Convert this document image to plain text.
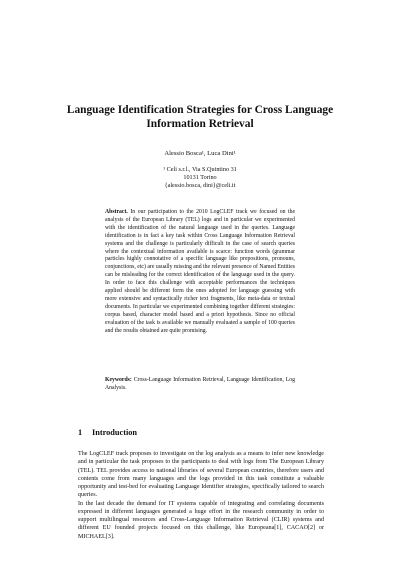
Language Identification Strategies for Cross Language
Information Retrieval
Alessio Bosca¹, Luca Dini¹
¹ Celi s.r.l., Via S.Quintino 31
10131 Torino
{alessio.bosca, dini}@celi.it
Abstract. In our participation to the 2010 LogCLEF track we focused on the analysis of the European Library (TEL) logs and in particular we experimented with the identification of the natural language used in the queries. Language identification is in fact a key task within Cross Language Information Retrieval systems and the challenge is particularly difficult in the case of search queries where the contextual information available is scarce: function words (grammar particles highly connotative of a specific language like prepositions, pronouns, conjunctions, etc) are usually missing and the relevant presence of Named Entities can be misleading for the correct identification of the language used in the query. In order to face this challenge with acceptable performances the techniques applied should be different form the ones adopted for language guessing with more extensive and syntactically richer text fragments, like meta-data or textual documents. In particular we experimented combining together different strategies: corpus based, character model based and a priori hypothesis. Since no official evaluation of the task is available we manually evaluated a sample of 100 queries and the results obtained are quite promising.
Keywords: Cross-Language Information Retrieval, Language Identification, Log Analysis.
1 Introduction

The LogCLEF track proposes to investigate on the log analysis as a means to infer new knowledge and in particular the task proposes to the participants to deal with logs from The European Library (TEL). TEL provides access to national libraries of several European countries, therefore users and contents come from many languages and the logs provided in this task constitute a valuable opportunity and test-bed for evaluating Language Identifier strategies, specifically tailored to search queries.

In the last decade the demand for IT systems capable of integrating and correlating documents expressed in different languages generated a huge effort in the research community in order to support multilingual resources and Cross-Language Information Retrieval (CLIR) systems and different EU founded projects focused on this challenge, like Europeana[1], CACAO[2] or MICHAEL[3].
